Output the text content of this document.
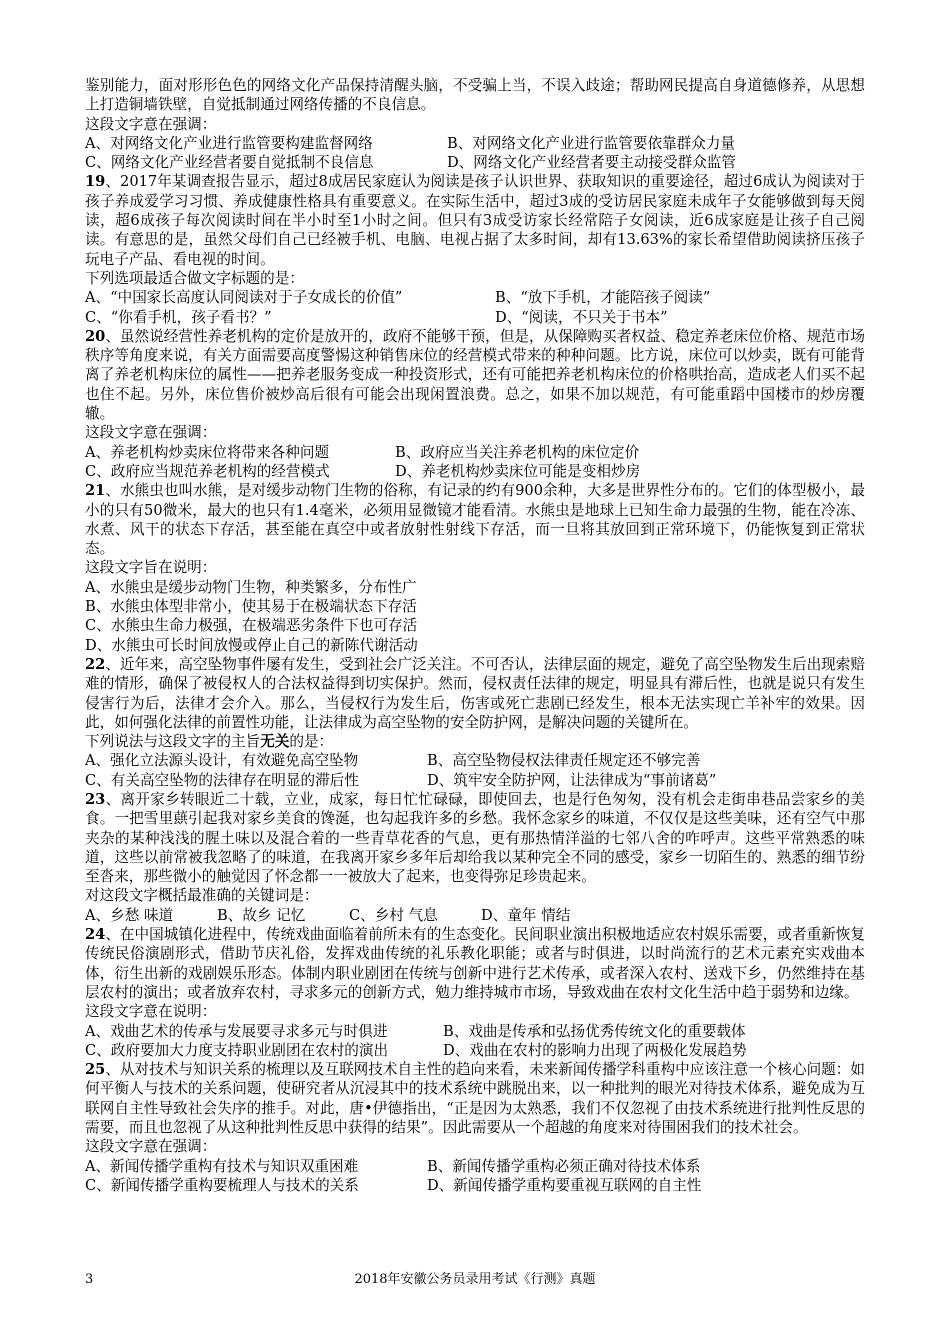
鉴别能力，面对形形色色的网络文化产品保持清醒头脑，不受骗上当，不误入歧途；帮助网民提高自身道德修养，从思想上打造铜墙铁壁，自觉抵制通过网络传播的不良信息。

这段文字意在强调：

A、对网络文化产业进行监管要构建监督网络	B、对网络文化产业进行监管要依靠群众力量
C、网络文化产业经营者要自觉抵制不良信息	D、网络文化产业经营者要主动接受群众监管

19、2017年某调查报告显示，超过8成居民家庭认为阅读是孩子认识世界、获取知识的重要途径，超过6成认为阅读对于孩子养成爱学习习惯、养成健康性格具有重要意义。在实际生活中，超过3成的受访居民家庭未成年子女能够做到每天阅读，超6成孩子每次阅读时间在半小时至1小时之间。但只有3成受访家长经常陪子女阅读，近6成家庭是让孩子自己阅读。有意思的是，虽然父母们自己已经被手机、电脑、电视占据了太多时间，却有13.63%的家长希望借助阅读挤压孩子玩电子产品、看电视的时间。

下列选项最适合做文字标题的是：

A、“中国家长高度认同阅读对于子女成长的价值”	B、“放下手机，才能陪孩子阅读”
C、“你看手机，孩子看书？”	D、“阅读，不只关于书本”

20、虽然说经营性养老机构的定价是放开的，政府不能够干预，但是，从保障购买者权益、稳定养老床位价格、规范市场秩序等角度来说，有关方面需要高度警惕这种销售床位的经营模式带来的种种问题。比方说，床位可以炒卖，既有可能背离了养老机构床位的属性——把养老服务变成一种投资形式，还有可能把养老机构床位的价格哄抬高，造成老人们买不起也住不起。另外，床位售价被炒高后很有可能会出现闲置浪费。总之，如果不加以规范，有可能重蹈中国楼市的炒房覆辙。

这段文字意在强调：

A、养老机构炒卖床位将带来各种问题	B、政府应当关注养老机构的床位定价
C、政府应当规范养老机构的经营模式	D、养老机构炒卖床位可能是变相炒房

21、水熊虫也叫水熊，是对缓步动物门生物的俗称，有记录的约有900余种，大多是世界性分布的。它们的体型极小，最小的只有50微米，最大的也只有1.4毫米，必须用显微镜才能看清。水熊虫是地球上已知生命力最强的生物，能在冷冻、水煮、风干的状态下存活，甚至能在真空中或者放射性射线下存活，而一旦将其放回到正常环境下，仍能恢复到正常状态。

这段文字旨在说明：

A、水熊虫是缓步动物门生物，种类繁多，分布性广

B、水熊虫体型非常小，使其易于在极端状态下存活

C、水熊虫生命力极强，在极端恶劣条件下也可存活

D、水熊虫可长时间放慢或停止自己的新陈代谢活动

22、近年来，高空坠物事件屡有发生，受到社会广泛关注。不可否认，法律层面的规定，避免了高空坠物发生后出现索赔难的情形，确保了被侵权人的合法权益得到切实保护。然而，侵权责任法律的规定，明显具有滞后性，也就是说只有发生侵害行为后，法律才会介入。那么，当侵权行为发生后，伤害或死亡悲剧已经发生，根本无法实现亡羊补牢的效果。因此，如何强化法律的前置性功能，让法律成为高空坠物的安全防护网，是解决问题的关键所在。

下列说法与这段文字的主旨无关的是：

A、强化立法源头设计，有效避免高空坠物	B、高空坠物侵权法律责任规定还不够完善
C、有关高空坠物的法律存在明显的滞后性	D、筑牢安全防护网，让法律成为“事前诸葛”

23、离开家乡转眼近二十载，立业，成家，每日忙忙碌碌，即使回去，也是行色匆匆，没有机会走街串巷品尝家乡的美食。一把雪里蕻引起我对家乡美食的馋涎，也勾起我许多的乡愁。我怀念家乡的味道，不仅仅是这些美味，还有空气中那夹杂的某种浅浅的腥土味以及混合着的一些青草花香的气息，更有那热情洋溢的七邻八舍的咋呼声。这些平常熟悉的味道，这些以前常被我忽略了的味道，在我离开家乡多年后却给我以某种完全不同的感受，家乡一切陌生的、熟悉的细节纷至沓来，那些微小的触觉因了怀念都一一被放大了起来，也变得弥足珍贵起来。

对这段文字概括最准确的关键词是：

A、乡愁 味道	B、故乡 记忆	C、乡村 气息	D、童年 情结

24、在中国城镇化进程中，传统戏曲面临着前所未有的生态变化。民间职业演出积极地适应农村娱乐需要，或者重新恢复传统民俗演剧形式，借助节庆礼俗，发挥戏曲传统的礼乐教化职能；或者与时俱进，以时尚流行的艺术元素充实戏曲本体，衍生出新的戏剧娱乐形态。体制内职业剧团在传统与创新中进行艺术传承，或者深入农村、送戏下乡，仍然维持在基层农村的演出；或者放弃农村，寻求多元的创新方式，勉力维持城市市场，导致戏曲在农村文化生活中趋于弱势和边缘。

这段文字意在说明：

A、戏曲艺术的传承与发展要寻求多元与时俱进	B、戏曲是传承和弘扬优秀传统文化的重要载体
C、政府要加大力度支持职业剧团在农村的演出	D、戏曲在农村的影响力出现了两极化发展趋势

25、从对技术与知识关系的梳理以及互联网技术自主性的趋向来看，未来新闻传播学科重构中应该注意一个核心问题：如何平衡人与技术的关系问题，使研究者从沉浸其中的技术系统中跳脱出来，以一种批判的眼光对待技术体系，避免成为互联网自主性导致社会失序的推手。对此，唐•伊德指出，“正是因为太熟悉，我们不仅忽视了由技术系统进行批判性反思的需要，而且也忽视了从这种批判性反思中获得的结果”。因此需要从一个超越的角度来对待围困我们的技术社会。

这段文字意在强调：

A、新闻传播学重构有技术与知识双重困难	B、新闻传播学重构必须正确对待技术体系
C、新闻传播学重构要梳理人与技术的关系	D、新闻传播学重构要重视互联网的自主性
3	2018年安徽公务员录用考试《行测》真题
